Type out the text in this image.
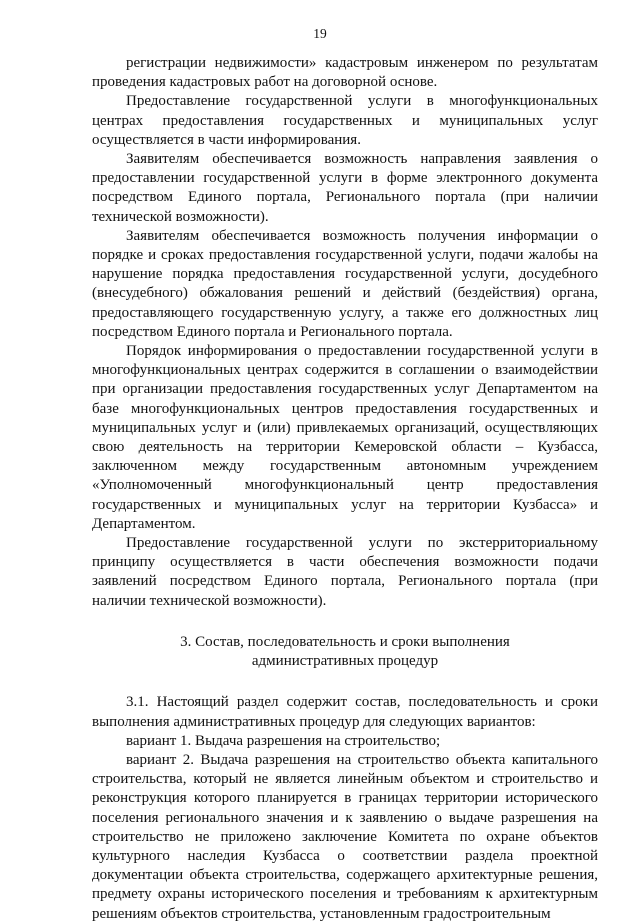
19

регистрации недвижимости» кадастровым инженером по результатам проведения кадастровых работ на договорной основе.

Предоставление государственной услуги в многофункциональных центрах предоставления государственных и муниципальных услуг осуществляется в части информирования.

Заявителям обеспечивается возможность направления заявления о предоставлении государственной услуги в форме электронного документа посредством Единого портала, Регионального портала (при наличии технической возможности).

Заявителям обеспечивается возможность получения информации о порядке и сроках предоставления государственной услуги, подачи жалобы на нарушение порядка предоставления государственной услуги, досудебного (внесудебного) обжалования решений и действий (бездействия) органа, предоставляющего государственную услугу, а также его должностных лиц посредством Единого портала и Регионального портала.

Порядок информирования о предоставлении государственной услуги в многофункциональных центрах содержится в соглашении о взаимодействии при организации предоставления государственных услуг Департаментом на базе многофункциональных центров предоставления государственных и муниципальных услуг и (или) привлекаемых организаций, осуществляющих свою деятельность на территории Кемеровской области – Кузбасса, заключенном между государственным автономным учреждением «Уполномоченный многофункциональный центр предоставления государственных и муниципальных услуг на территории Кузбасса» и Департаментом.

Предоставление государственной услуги по экстерриториальному принципу осуществляется в части обеспечения возможности подачи заявлений посредством Единого портала, Регионального портала (при наличии технической возможности).

3. Состав, последовательность и сроки выполнения
административных процедур

3.1. Настоящий раздел содержит состав, последовательность и сроки выполнения административных процедур для следующих вариантов:

вариант 1. Выдача разрешения на строительство;

вариант 2. Выдача разрешения на строительство объекта капитального строительства, который не является линейным объектом и строительство и реконструкция которого планируется в границах территории исторического поселения регионального значения и к заявлению о выдаче разрешения на строительство не приложено заключение Комитета по охране объектов культурного наследия Кузбасса о соответствии раздела проектной документации объекта строительства, содержащего архитектурные решения, предмету охраны исторического поселения и требованиям к архитектурным решениям объектов строительства, установленным градостроительным
